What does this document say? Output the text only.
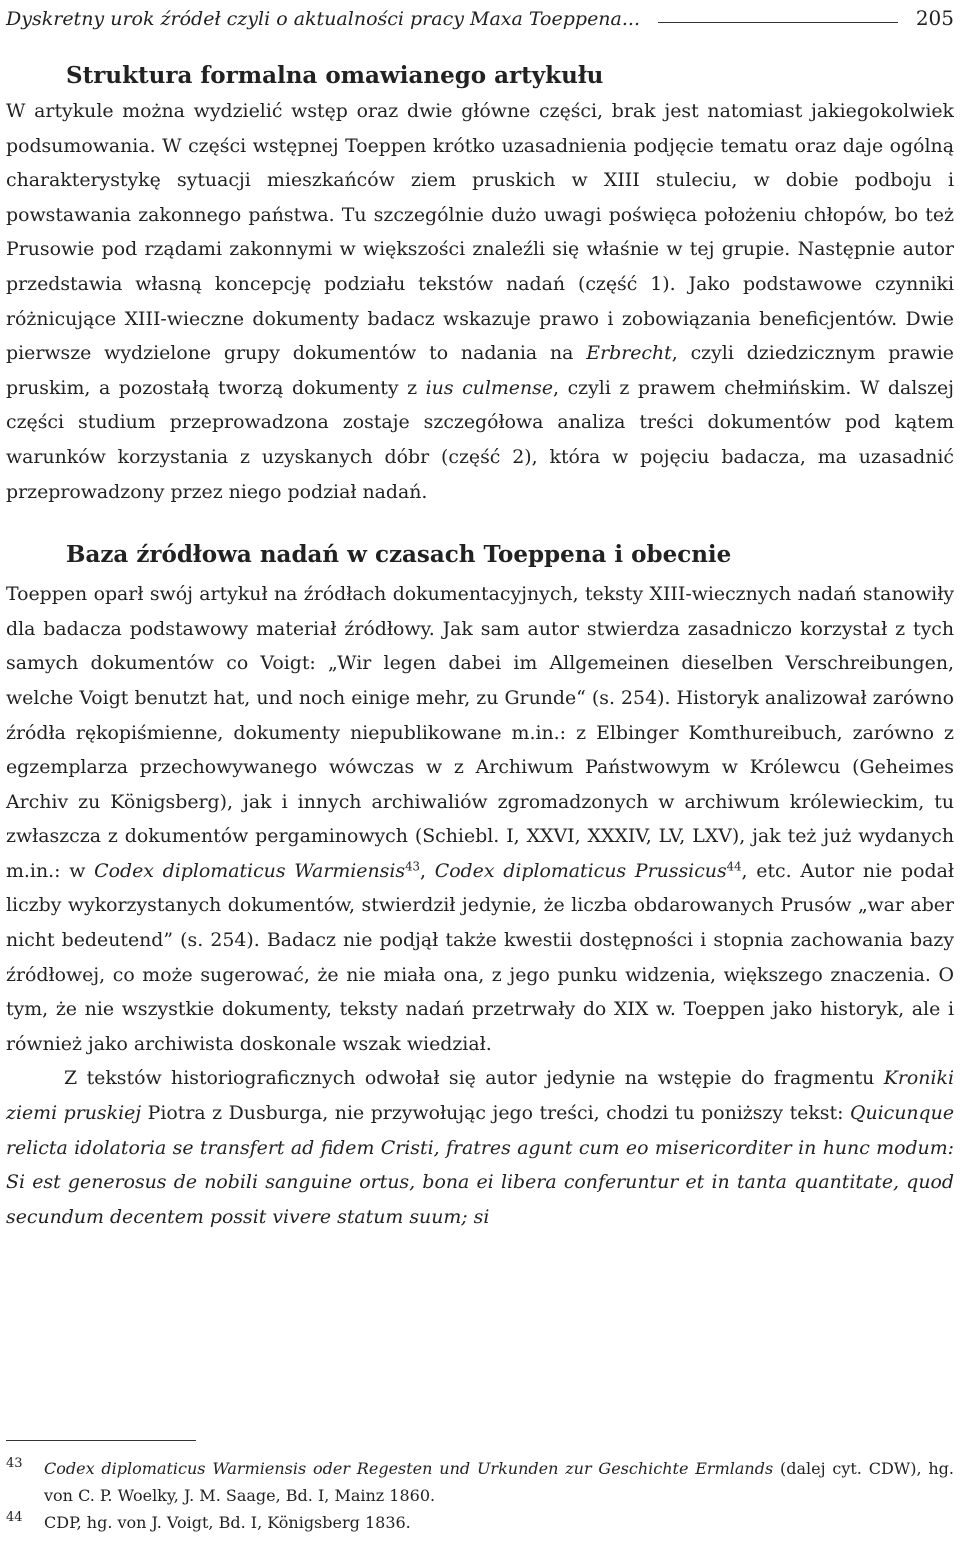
Dyskretny urok źródeł czyli o aktualności pracy Maxa Toeppena...	205
Struktura formalna omawianego artykułu

W artykule można wydzielić wstęp oraz dwie główne części, brak jest natomiast jakiegokolwiek podsumowania. W części wstępnej Toeppen krótko uzasadnienia podjęcie tematu oraz daje ogólną charakterystykę sytuacji mieszkańców ziem pruskich w XIII stuleciu, w dobie podboju i powstawania zakonnego państwa. Tu szczególnie dużo uwagi poświęca położeniu chłopów, bo też Prusowie pod rządami zakonnymi w większości znaleźli się właśnie w tej grupie. Następnie autor przedstawia własną koncepcję podziału tekstów nadań (część 1). Jako podstawowe czynniki różnicujące XIII-wieczne dokumenty badacz wskazuje prawo i zobowiązania beneficjentów. Dwie pierwsze wydzielone grupy dokumentów to nadania na Erbrecht, czyli dziedzicznym prawie pruskim, a pozostałą tworzą dokumenty z ius culmense, czyli z prawem chełmińskim. W dalszej części studium przeprowadzona zostaje szczegółowa analiza treści dokumentów pod kątem warunków korzystania z uzyskanych dóbr (część 2), która w pojęciu badacza, ma uzasadnić przeprowadzony przez niego podział nadań.

Baza źródłowa nadań w czasach Toeppena i obecnie

Toeppen oparł swój artykuł na źródłach dokumentacyjnych, teksty XIII-wiecznych nadań stanowiły dla badacza podstawowy materiał źródłowy. Jak sam autor stwierdza zasadniczo korzystał z tych samych dokumentów co Voigt: „Wir legen dabei im Allgemeinen dieselben Verschreibungen, welche Voigt benutzt hat, und noch einige mehr, zu Grunde“ (s. 254). Historyk analizował zarówno źródła rękopiśmienne, dokumenty niepublikowane m.in.: z Elbinger Komthureibuch, zarówno z egzemplarza przechowywanego wówczas w z Archiwum Państwowym w Królewcu (Geheimes Archiv zu Königsberg), jak i innych archiwaliów zgromadzonych w archiwum królewieckim, tu zwłaszcza z dokumentów pergaminowych (Schiebl. I, XXVI, XXXIV, LV, LXV), jak też już wydanych m.in.: w Codex diplomaticus Warmiensis$^{43}$, Codex diplomaticus Prussicus$^{44}$, etc. Autor nie podał liczby wykorzystanych dokumentów, stwierdził jedynie, że liczba obdarowanych Prusów „war aber nicht bedeutend” (s. 254). Badacz nie podjął także kwestii dostępności i stopnia zachowania bazy źródłowej, co może sugerować, że nie miała ona, z jego punku widzenia, większego znaczenia. O tym, że nie wszystkie dokumenty, teksty nadań przetrwały do XIX w. Toeppen jako historyk, ale i również jako archiwista doskonale wszak wiedział.

Z tekstów historiograficznych odwołał się autor jedynie na wstępie do fragmentu Kroniki ziemi pruskiej Piotra z Dusburga, nie przywołując jego treści, chodzi tu poniższy tekst: Quicunque relicta idolatoria se transfert ad fidem Cristi, fratres agunt cum eo misericorditer in hunc modum: Si est generosus de nobili sanguine ortus, bona ei libera conferuntur et in tanta quantitate, quod secundum decentem possit vivere statum suum; si

43	Codex diplomaticus Warmiensis oder Regesten und Urkunden zur Geschichte Ermlands (dalej cyt. CDW), hg. von C. P. Woelky, J. M. Saage, Bd. I, Mainz 1860.
44	CDP, hg. von J. Voigt, Bd. I, Königsberg 1836.
